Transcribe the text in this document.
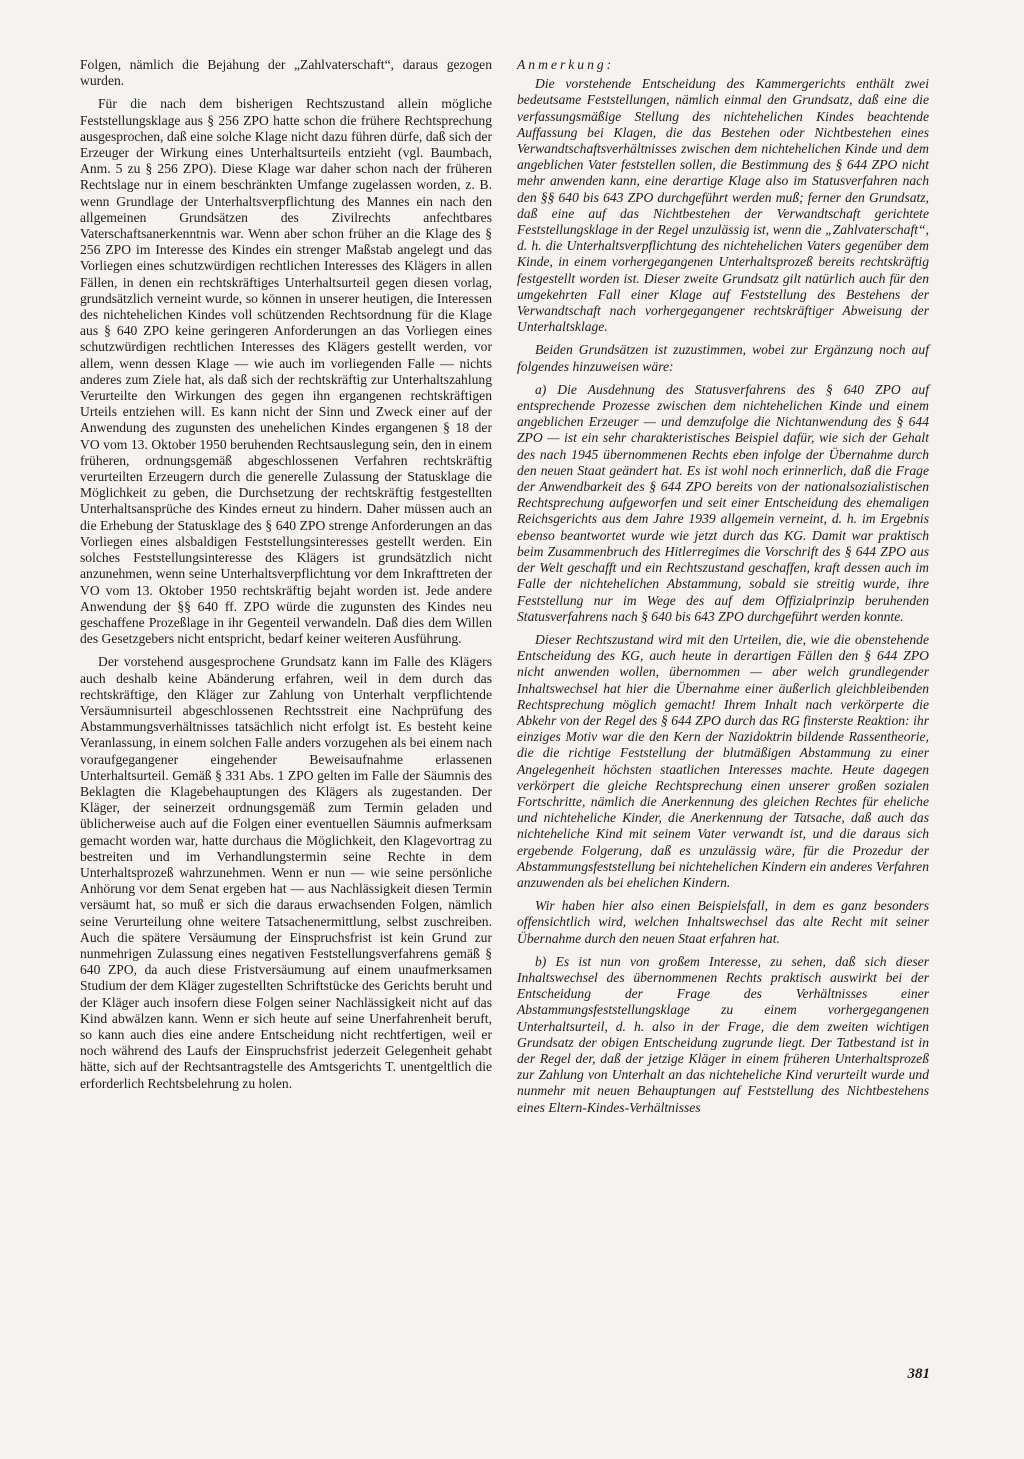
Folgen, nämlich die Bejahung der „Zahlvaterschaft“, daraus gezogen wurden.

Für die nach dem bisherigen Rechtszustand allein mögliche Feststellungsklage aus § 256 ZPO hatte schon die frühere Rechtsprechung ausgesprochen, daß eine solche Klage nicht dazu führen dürfe, daß sich der Erzeuger der Wirkung eines Unterhaltsurteils entzieht (vgl. Baumbach, Anm. 5 zu § 256 ZPO). Diese Klage war daher schon nach der früheren Rechtslage nur in einem beschränkten Umfange zugelassen worden, z. B. wenn Grundlage der Unterhaltsverpflichtung des Mannes ein nach den allgemeinen Grundsätzen des Zivilrechts anfechtbares Vaterschaftsanerkenntnis war. Wenn aber schon früher an die Klage des § 256 ZPO im Interesse des Kindes ein strenger Maßstab angelegt und das Vorliegen eines schutzwürdigen rechtlichen Interesses des Klägers in allen Fällen, in denen ein rechtskräftiges Unterhaltsurteil gegen diesen vorlag, grundsätzlich verneint wurde, so können in unserer heutigen, die Interessen des nichtehelichen Kindes voll schützenden Rechtsordnung für die Klage aus § 640 ZPO keine geringeren Anforderungen an das Vorliegen eines schutzwürdigen rechtlichen Interesses des Klägers gestellt werden, vor allem, wenn dessen Klage — wie auch im vorliegenden Falle — nichts anderes zum Ziele hat, als daß sich der rechtskräftig zur Unterhaltszahlung Verurteilte den Wirkungen des gegen ihn ergangenen rechtskräftigen Urteils entziehen will. Es kann nicht der Sinn und Zweck einer auf der Anwendung des zugunsten des unehelichen Kindes ergangenen § 18 der VO vom 13. Oktober 1950 beruhenden Rechtsauslegung sein, den in einem früheren, ordnungsgemäß abgeschlossenen Verfahren rechtskräftig verurteilten Erzeugern durch die generelle Zulassung der Statusklage die Möglichkeit zu geben, die Durchsetzung der rechtskräftig festgestellten Unterhaltsansprüche des Kindes erneut zu hindern. Daher müssen auch an die Erhebung der Statusklage des § 640 ZPO strenge Anforderungen an das Vorliegen eines alsbaldigen Feststellungsinteresses gestellt werden. Ein solches Feststellungsinteresse des Klägers ist grundsätzlich nicht anzunehmen, wenn seine Unterhaltsverpflichtung vor dem Inkrafttreten der VO vom 13. Oktober 1950 rechtskräftig bejaht worden ist. Jede andere Anwendung der §§ 640 ff. ZPO würde die zugunsten des Kindes neu geschaffene Prozeßlage in ihr Gegenteil verwandeln. Daß dies dem Willen des Gesetzgebers nicht entspricht, bedarf keiner weiteren Ausführung.

Der vorstehend ausgesprochene Grundsatz kann im Falle des Klägers auch deshalb keine Abänderung erfahren, weil in dem durch das rechtskräftige, den Kläger zur Zahlung von Unterhalt verpflichtende Versäumnisurteil abgeschlossenen Rechtsstreit eine Nachprüfung des Abstammungsverhältnisses tatsächlich nicht erfolgt ist. Es besteht keine Veranlassung, in einem solchen Falle anders vorzugehen als bei einem nach voraufgegangener eingehender Beweisaufnahme erlassenen Unterhaltsurteil. Gemäß § 331 Abs. 1 ZPO gelten im Falle der Säumnis des Beklagten die Klagebehauptungen des Klägers als zugestanden. Der Kläger, der seinerzeit ordnungsgemäß zum Termin geladen und üblicherweise auch auf die Folgen einer eventuellen Säumnis aufmerksam gemacht worden war, hatte durchaus die Möglichkeit, den Klagevortrag zu bestreiten und im Verhandlungstermin seine Rechte in dem Unterhaltsprozeß wahrzunehmen. Wenn er nun — wie seine persönliche Anhörung vor dem Senat ergeben hat — aus Nachlässigkeit diesen Termin versäumt hat, so muß er sich die daraus erwachsenden Folgen, nämlich seine Verurteilung ohne weitere Tatsachenermittlung, selbst zuschreiben. Auch die spätere Versäumung der Einspruchsfrist ist kein Grund zur nunmehrigen Zulassung eines negativen Feststellungsverfahrens gemäß § 640 ZPO, da auch diese Fristversäumung auf einem unaufmerksamen Studium der dem Kläger zugestellten Schriftstücke des Gerichts beruht und der Kläger auch insofern diese Folgen seiner Nachlässigkeit nicht auf das Kind abwälzen kann. Wenn er sich heute auf seine Unerfahrenheit beruft, so kann auch dies eine andere Entscheidung nicht rechtfertigen, weil er noch während des Laufs der Einspruchsfrist jederzeit Gelegenheit gehabt hätte, sich auf der Rechtsantragstelle des Amtsgerichts T. unentgeltlich die erforderlich Rechtsbelehrung zu holen.

Anmerkung:

Die vorstehende Entscheidung des Kammergerichts enthält zwei bedeutsame Feststellungen, nämlich einmal den Grundsatz, daß eine die verfassungsmäßige Stellung des nichtehelichen Kindes beachtende Auffassung bei Klagen, die das Bestehen oder Nichtbestehen eines Verwandtschaftsverhältnisses zwischen dem nichtehelichen Kinde und dem angeblichen Vater feststellen sollen, die Bestimmung des § 644 ZPO nicht mehr anwenden kann, eine derartige Klage also im Statusverfahren nach den §§ 640 bis 643 ZPO durchgeführt werden muß; ferner den Grundsatz, daß eine auf das Nichtbestehen der Verwandtschaft gerichtete Feststellungsklage in der Regel unzulässig ist, wenn die „Zahlvaterschaft“, d. h. die Unterhaltsverpflichtung des nichtehelichen Vaters gegenüber dem Kinde, in einem vorhergegangenen Unterhaltsprozeß bereits rechtskräftig festgestellt worden ist. Dieser zweite Grundsatz gilt natürlich auch für den umgekehrten Fall einer Klage auf Feststellung des Bestehens der Verwandtschaft nach vorhergegangener rechtskräftiger Abweisung der Unterhaltsklage.

Beiden Grundsätzen ist zuzustimmen, wobei zur Ergänzung noch auf folgendes hinzuweisen wäre:

a) Die Ausdehnung des Statusverfahrens des § 640 ZPO auf entsprechende Prozesse zwischen dem nichtehelichen Kinde und einem angeblichen Erzeuger — und demzufolge die Nichtanwendung des § 644 ZPO — ist ein sehr charakteristisches Beispiel dafür, wie sich der Gehalt des nach 1945 übernommenen Rechts eben infolge der Übernahme durch den neuen Staat geändert hat. Es ist wohl noch erinnerlich, daß die Frage der Anwendbarkeit des § 644 ZPO bereits von der nationalsozialistischen Rechtsprechung aufgeworfen und seit einer Entscheidung des ehemaligen Reichsgerichts aus dem Jahre 1939 allgemein verneint, d. h. im Ergebnis ebenso beantwortet wurde wie jetzt durch das KG. Damit war praktisch beim Zusammenbruch des Hitlerregimes die Vorschrift des § 644 ZPO aus der Welt geschafft und ein Rechtszustand geschaffen, kraft dessen auch im Falle der nichtehelichen Abstammung, sobald sie streitig wurde, ihre Feststellung nur im Wege des auf dem Offizialprinzip beruhenden Statusverfahrens nach § 640 bis 643 ZPO durchgeführt werden konnte.

Dieser Rechtszustand wird mit den Urteilen, die, wie die obenstehende Entscheidung des KG, auch heute in derartigen Fällen den § 644 ZPO nicht anwenden wollen, übernommen — aber welch grundlegender Inhaltswechsel hat hier die Übernahme einer äußerlich gleichbleibenden Rechtsprechung möglich gemacht! Ihrem Inhalt nach verkörperte die Abkehr von der Regel des § 644 ZPO durch das RG finsterste Reaktion: ihr einziges Motiv war die den Kern der Nazidoktrin bildende Rassentheorie, die die richtige Feststellung der blutmäßigen Abstammung zu einer Angelegenheit höchsten staatlichen Interesses machte. Heute dagegen verkörpert die gleiche Rechtsprechung einen unserer großen sozialen Fortschritte, nämlich die Anerkennung des gleichen Rechtes für eheliche und nichteheliche Kinder, die Anerkennung der Tatsache, daß auch das nichteheliche Kind mit seinem Vater verwandt ist, und die daraus sich ergebende Folgerung, daß es unzulässig wäre, für die Prozedur der Abstammungsfeststellung bei nichtehelichen Kindern ein anderes Verfahren anzuwenden als bei ehelichen Kindern.

Wir haben hier also einen Beispielsfall, in dem es ganz besonders offensichtlich wird, welchen Inhaltswechsel das alte Recht mit seiner Übernahme durch den neuen Staat erfahren hat.

b) Es ist nun von großem Interesse, zu sehen, daß sich dieser Inhaltswechsel des übernommenen Rechts praktisch auswirkt bei der Entscheidung der Frage des Verhältnisses einer Abstammungsfeststellungsklage zu einem vorhergegangenen Unterhaltsurteil, d. h. also in der Frage, die dem zweiten wichtigen Grundsatz der obigen Entscheidung zugrunde liegt. Der Tatbestand ist in der Regel der, daß der jetzige Kläger in einem früheren Unterhaltsprozeß zur Zahlung von Unterhalt an das nichteheliche Kind verurteilt wurde und nunmehr mit neuen Behauptungen auf Feststellung des Nichtbestehens eines Eltern-Kindes-Verhältnisses

381
